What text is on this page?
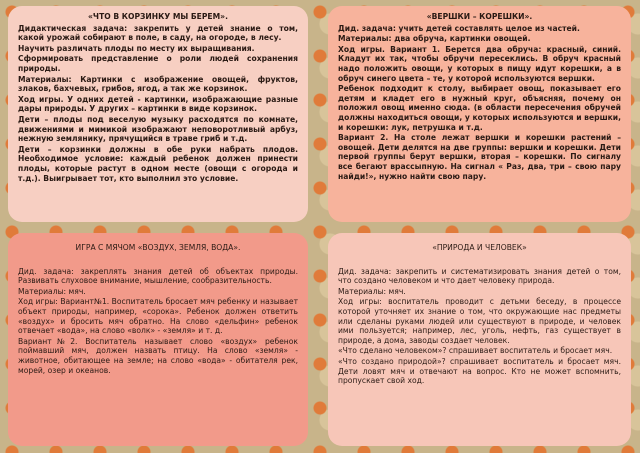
«ЧТО В КОРЗИНКУ МЫ БЕРЕМ».
Дидактическая задача: закрепить у детей знание о том, какой урожай собирают в поле, в саду, на огороде, в лесу.
Научить различать плоды по месту их выращивания.
Сформировать представление о роли людей сохранения природы.
Материалы: Картинки с изображение овощей, фруктов, злаков, бахчевых, грибов, ягод, а так же корзинок.
Ход игры. У одних детей - картинки, изображающие разные дары природы. У других – картинки в виде корзинок.
Дети – плоды под веселую музыку расходятся по комнате, движениями и мимикой изображают неповоротливый арбуз, нежную землянику, прячущийся в траве гриб и т.д.
Дети – корзинки должны в обе руки набрать плодов. Необходимое условие: каждый ребенок должен принести плоды, которые растут в одном месте (овощи с огорода и т.д.). Выигрывает тот, кто выполнил это условие.
«ВЕРШКИ – КОРЕШКИ».
Дид. задача: учить детей составлять целое из частей.
Материалы: два обруча, картинки овощей.
Ход игры. Вариант 1. Берется два обруча: красный, синий. Кладут их так, чтобы обручи пересеклись. В обруч красный надо положить овощи, у которых в пищу идут корешки, а в обруч синего цвета – те, у которой используются вершки.
Ребенок подходит к столу, выбирает овощ, показывает его детям и кладет его в нужный круг, объясняя, почему он положил овощ именно сюда. (в области пересечения обручей должны находиться овощи, у которых используются и вершки, и корешки: лук, петрушка и т.д.
Вариант 2. На столе лежат вершки и корешки растений – овощей. Дети делятся на две группы: вершки и корешки. Дети первой группы берут вершки, вторая – корешки. По сигналу все бегают врассыпную. На сигнал « Раз, два, три – свою пару найди!», нужно найти свою пару.
ИГРА С МЯЧОМ «ВОЗДУХ, ЗЕМЛЯ, ВОДА».
Дид. задача: закреплять знания детей об объектах природы. Развивать слуховое внимание, мышление, сообразительность.
Материалы: мяч.
Ход игры: Вариант№1. Воспитатель бросает мяч ребенку и называет объект природы, например, «сорока». Ребенок должен ответить «воздух» и бросить мяч обратно. На слово «дельфин» ребенок отвечает «вода», на слово «волк» - «земля» и т. д.
Вариант№2. Воспитатель называет слово «воздух» ребенок поймавший мяч, должен назвать птицу. На слово «земля» - животное, обитающее на земле; на слово «вода» - обитателя рек, морей, озер и океанов.
«ПРИРОДА И ЧЕЛОВЕК»
Дид. задача: закрепить и систематизировать знания детей о том, что создано человеком и что дает человеку природа.
Материалы: мяч.
Ход игры: воспитатель проводит с детьми беседу, в процессе которой уточняет их знание о том, что окружающие нас предметы или сделаны руками людей или существуют в природе, и человек ими пользуется; например, лес, уголь, нефть, газ существует в природе, а дома, заводы создает человек.
«Что сделано человеком»? спрашивает воспитатель и бросает мяч.
«Что создано природой»? спрашивает воспитатель и бросает мяч. Дети ловят мяч и отвечают на вопрос. Кто не может вспомнить, пропускает свой ход.
